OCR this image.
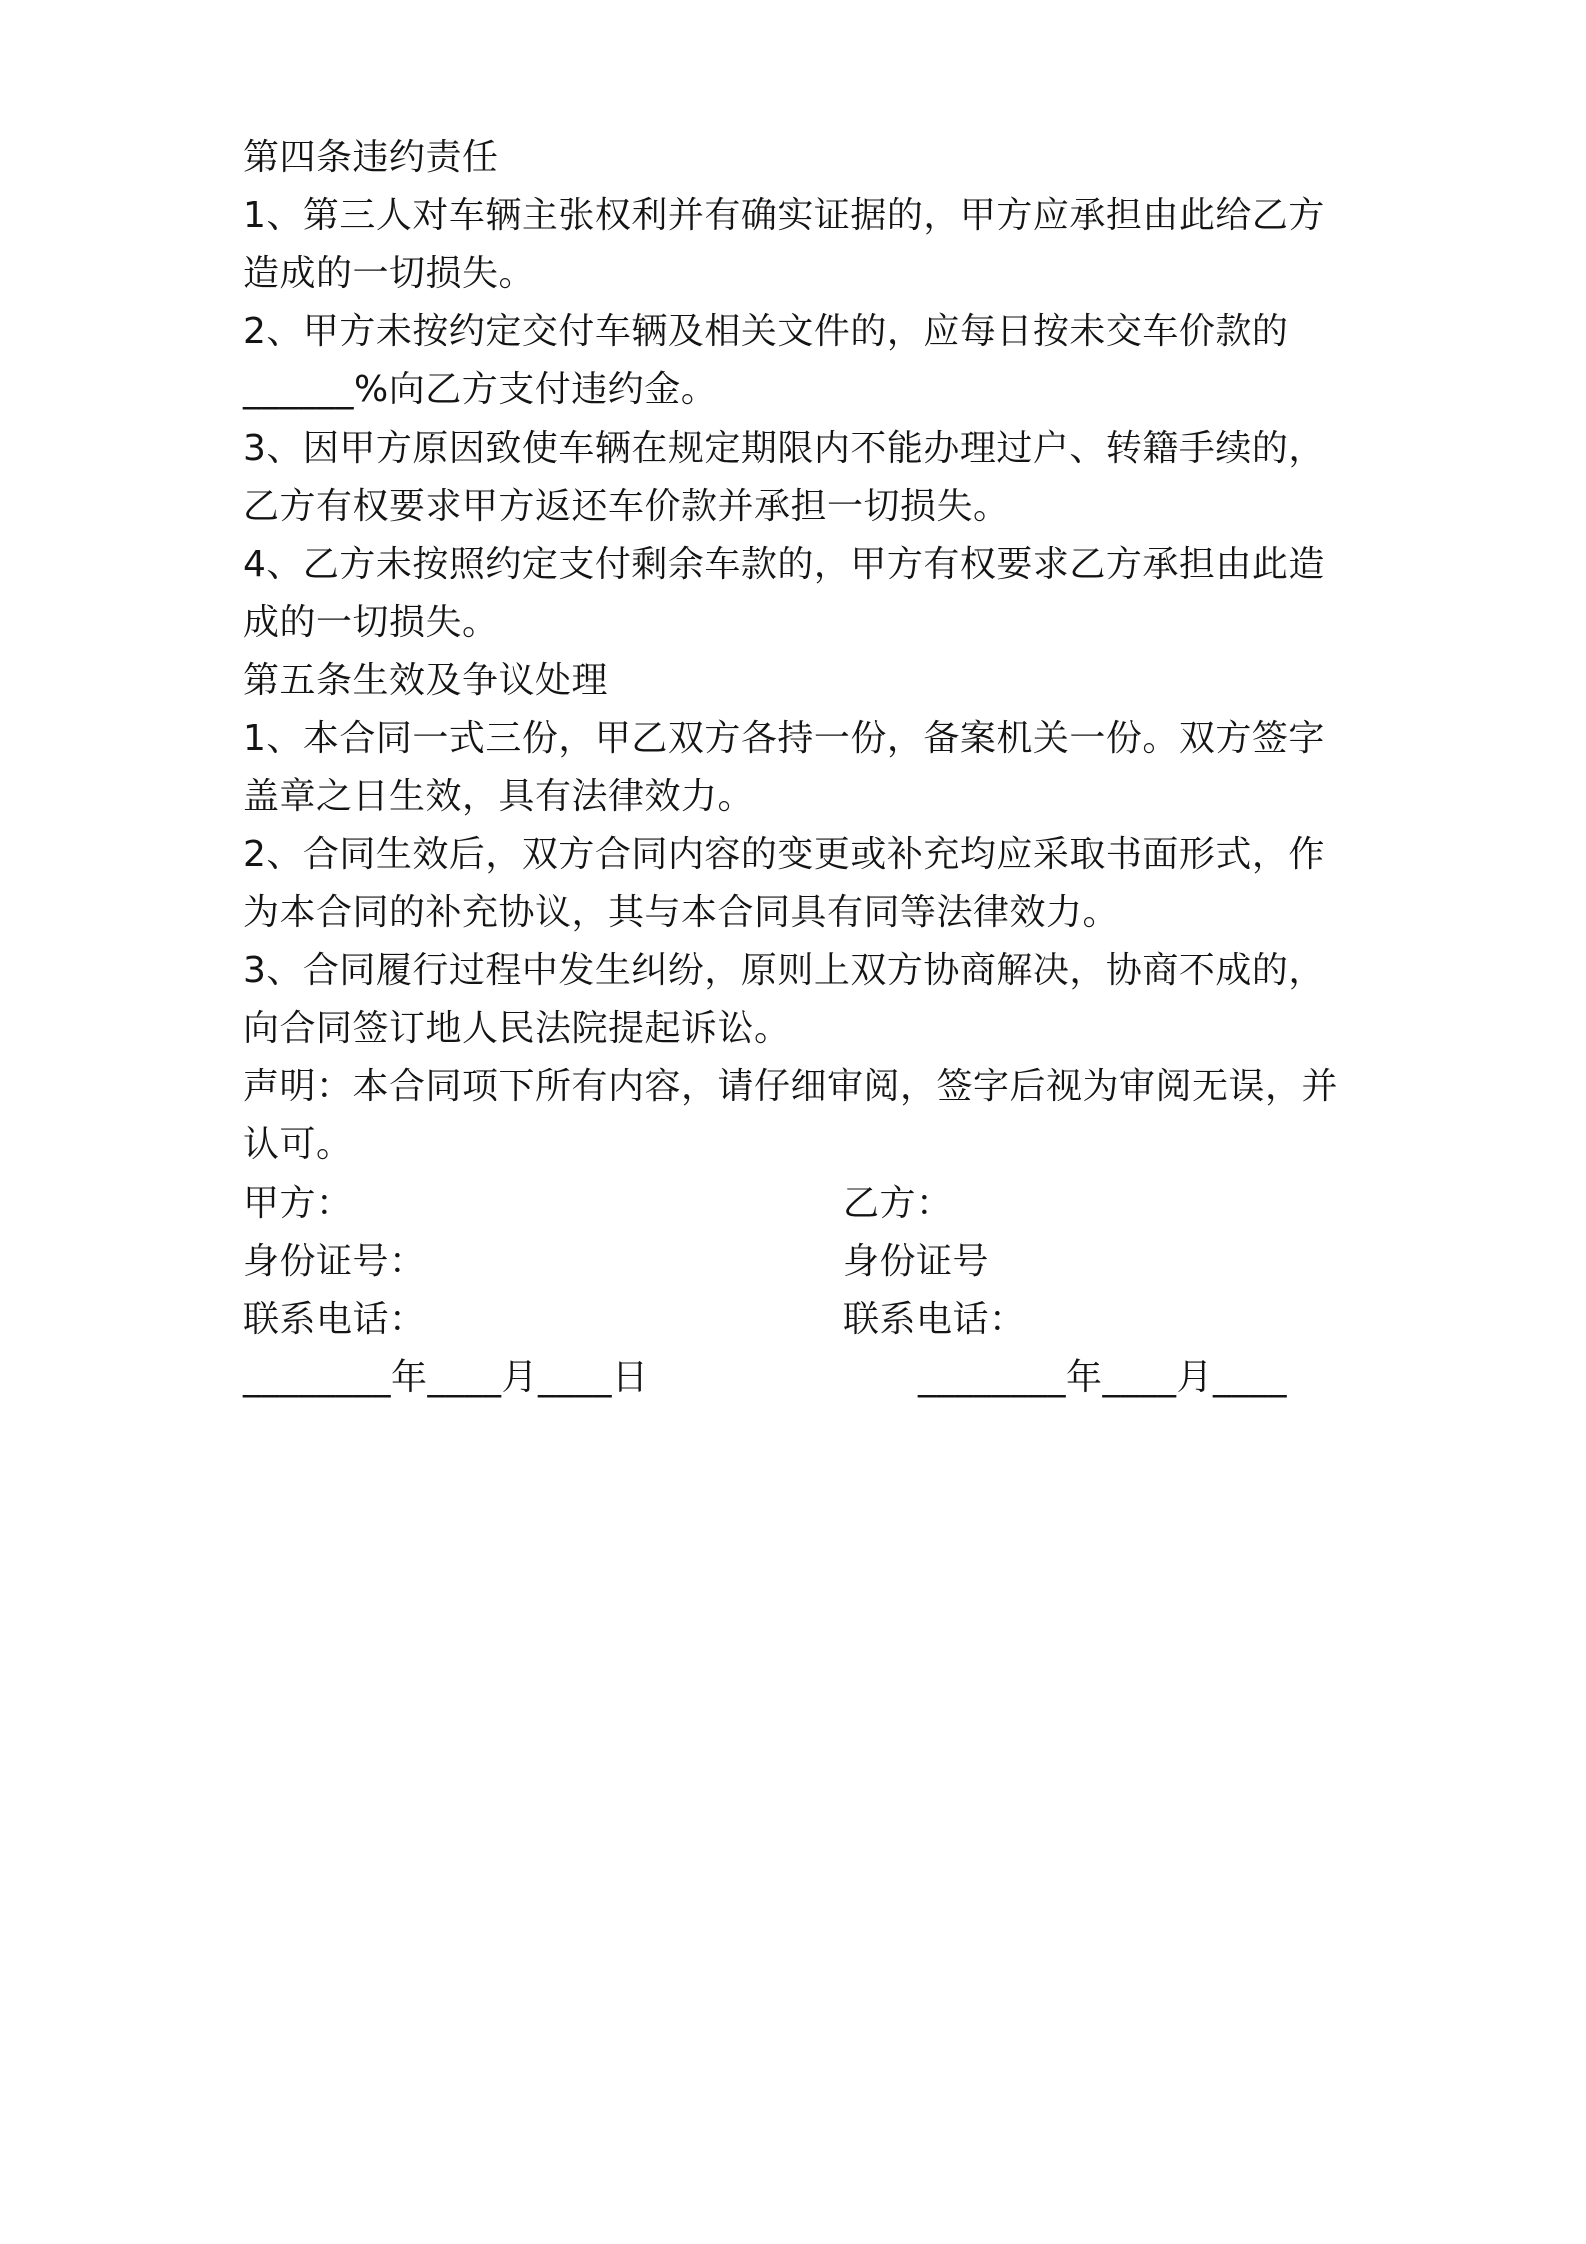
第四条违约责任
1、第三人对车辆主张权利并有确实证据的，甲方应承担由此给乙方
造成的一切损失。
2、甲方未按约定交付车辆及相关文件的，应每日按未交车价款的
______%向乙方支付违约金。
3、因甲方原因致使车辆在规定期限内不能办理过户、转籍手续的，
乙方有权要求甲方返还车价款并承担一切损失。
4、乙方未按照约定支付剩余车款的，甲方有权要求乙方承担由此造
成的一切损失。
第五条生效及争议处理
1、本合同一式三份，甲乙双方各持一份，备案机关一份。双方签字
盖章之日生效，具有法律效力。
2、合同生效后，双方合同内容的变更或补充均应采取书面形式，作
为本合同的补充协议，其与本合同具有同等法律效力。
3、合同履行过程中发生纠纷，原则上双方协商解决，协商不成的，
向合同签订地人民法院提起诉讼。
声明：本合同项下所有内容，请仔细审阅，签字后视为审阅无误，并
认可。
甲方：	乙方：
身份证号：	身份证号
联系电话：	联系电话：
________年____月____日	________年____月____
